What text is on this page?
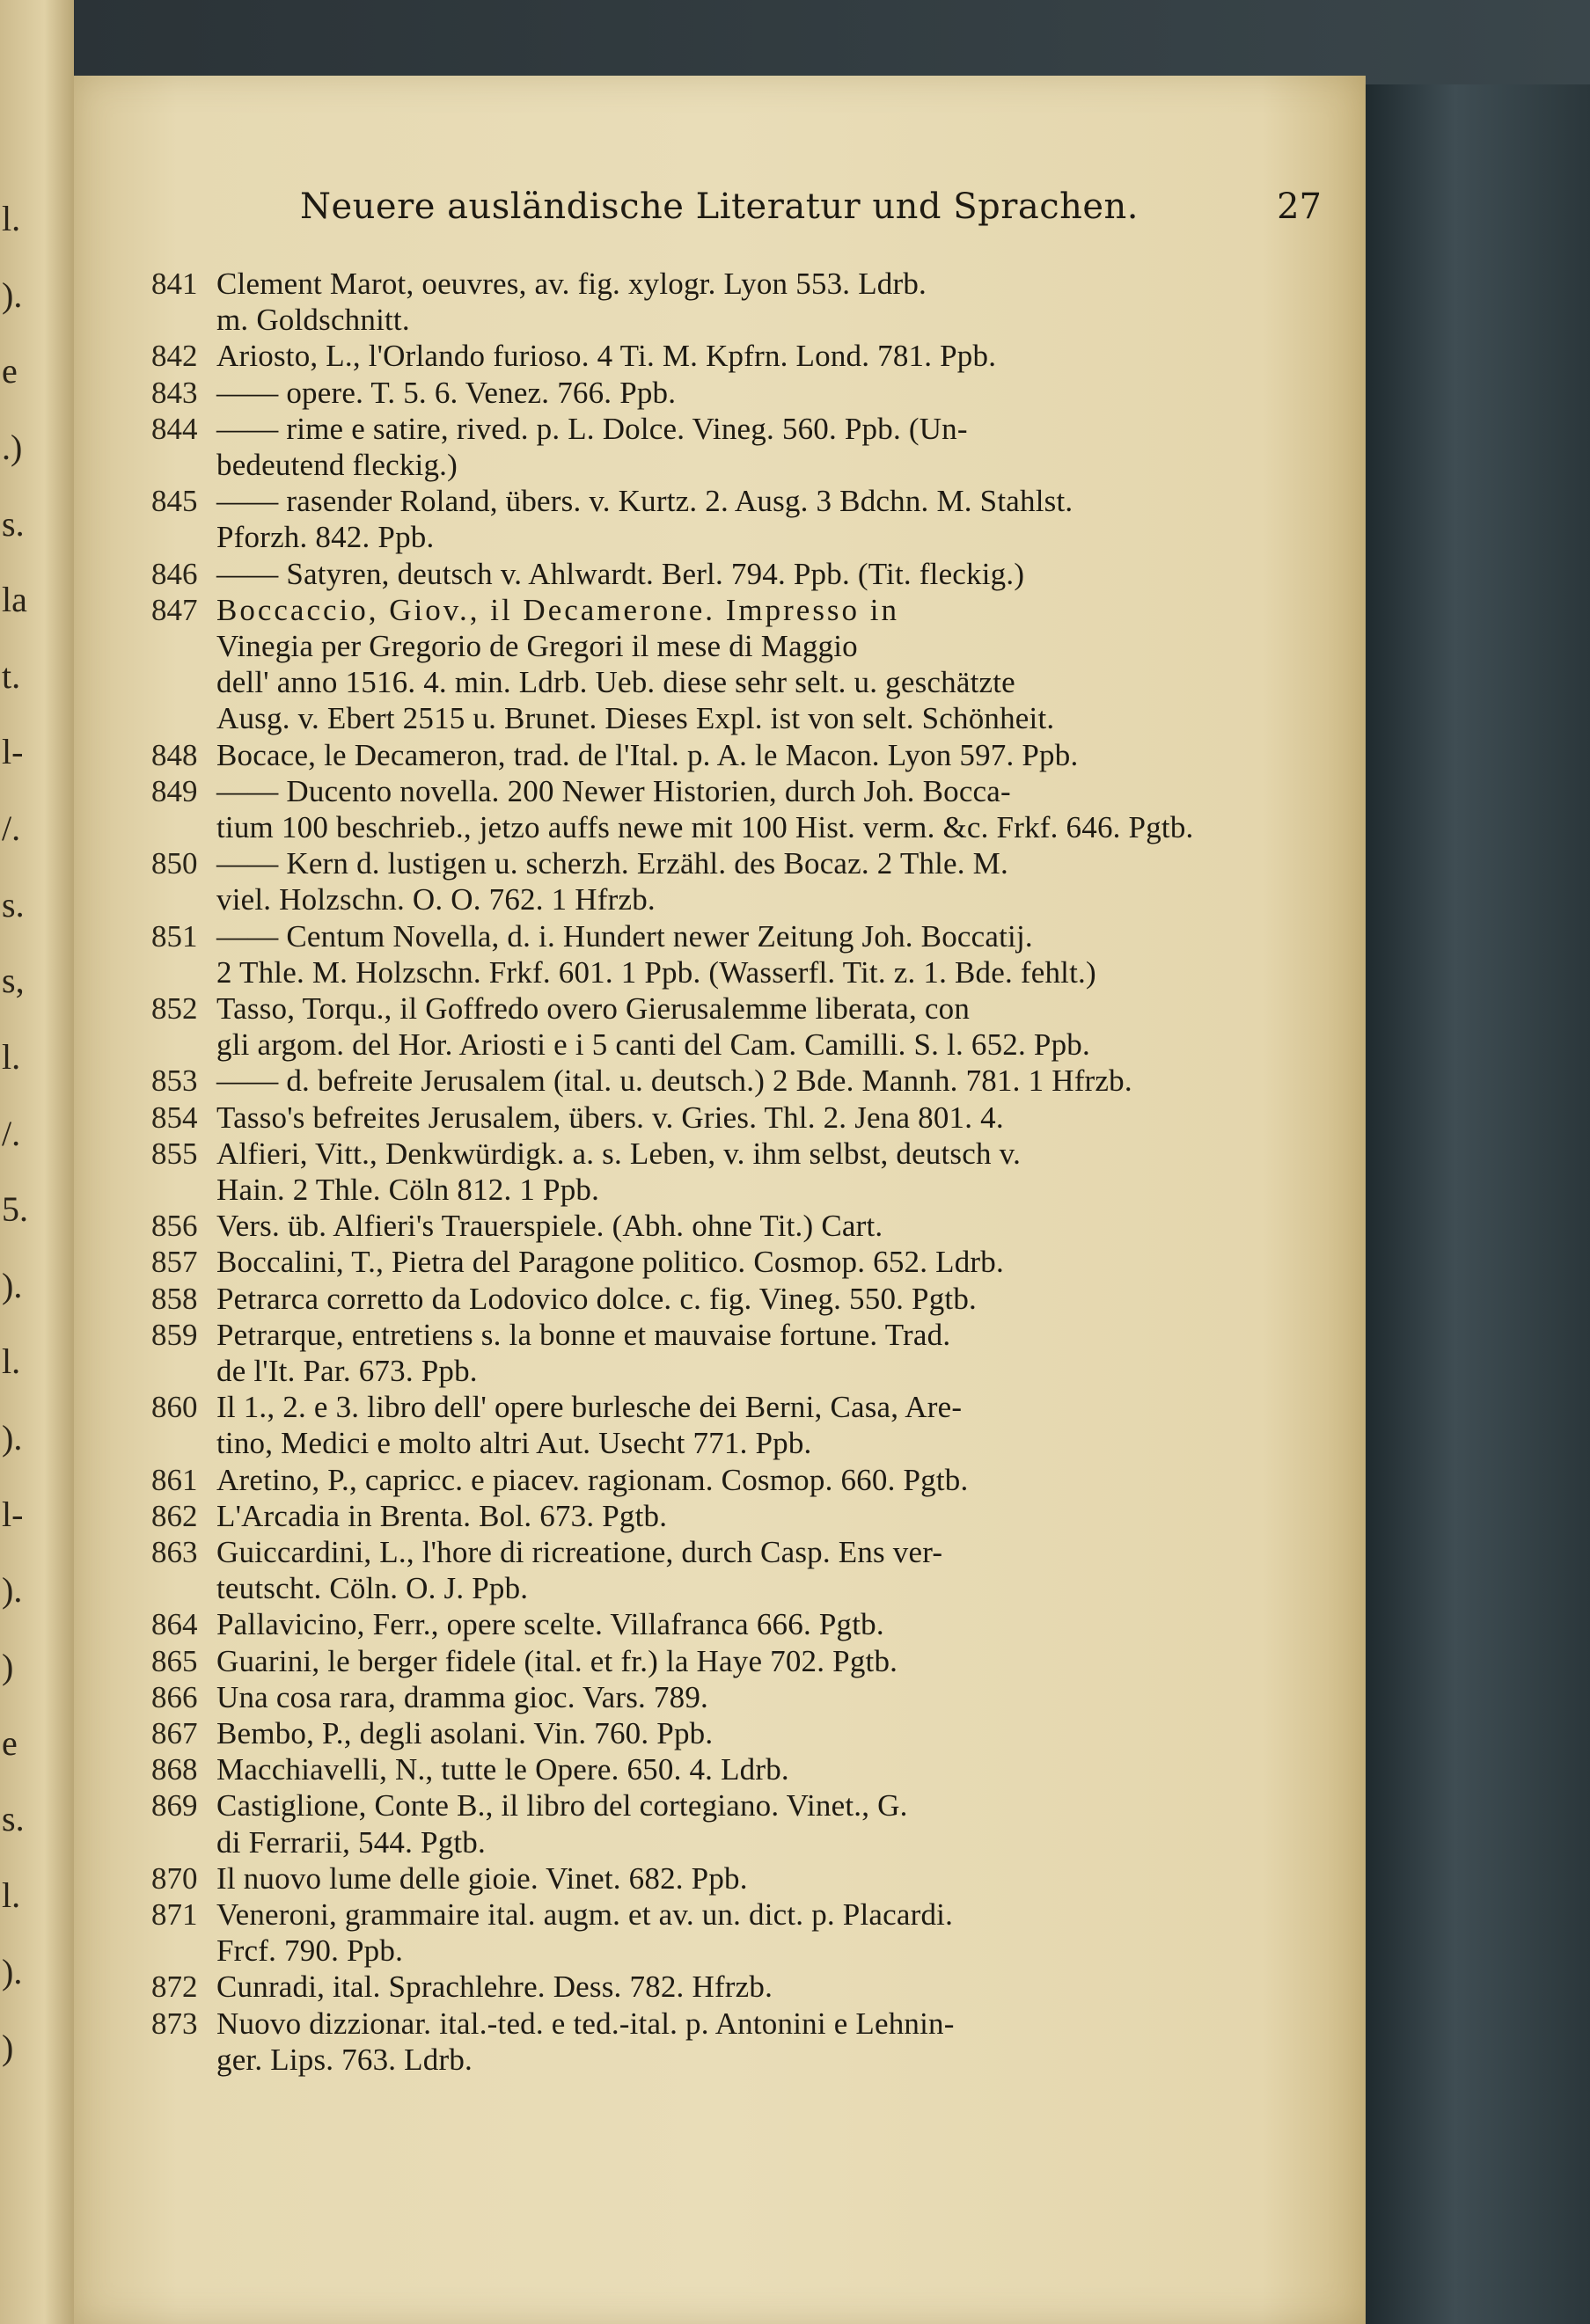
l.
).
e
.)
s.
la
t.
l-
/.
s.
s,
l.
/.
5.
).
l.
).
l-
).
)
e
s.
l.
).
)
Neuere ausländische Literatur und Sprachen.	27
841 Clement Marot, oeuvres, av. fig. xylogr. Lyon 553. Ldrb.
m. Goldschnitt.
842 Ariosto, L., l'Orlando furioso. 4 Ti. M. Kpfrn. Lond. 781. Ppb.
843 —— opere. T. 5. 6. Venez. 766. Ppb.
844 —— rime e satire, rived. p. L. Dolce. Vineg. 560. Ppb. (Un-
bedeutend fleckig.)
845 —— rasender Roland, übers. v. Kurtz. 2. Ausg. 3 Bdchn. M. Stahlst.
Pforzh. 842. Ppb.
846 —— Satyren, deutsch v. Ahlwardt. Berl. 794. Ppb. (Tit. fleckig.)
847 Boccaccio, Giov., il Decamerone. Impresso in
Vinegia per Gregorio de Gregori il mese di Maggio
dell' anno 1516. 4. min. Ldrb. Ueb. diese sehr selt. u. geschätzte
Ausg. v. Ebert 2515 u. Brunet. Dieses Expl. ist von selt. Schönheit.
848 Bocace, le Decameron, trad. de l'Ital. p. A. le Macon. Lyon 597. Ppb.
849 —— Ducento novella. 200 Newer Historien, durch Joh. Bocca-
tium 100 beschrieb., jetzo auffs newe mit 100 Hist. verm. &c. Frkf. 646. Pgtb.
850 —— Kern d. lustigen u. scherzh. Erzähl. des Bocaz. 2 Thle. M.
viel. Holzschn. O. O. 762. 1 Hfrzb.
851 —— Centum Novella, d. i. Hundert newer Zeitung Joh. Boccatij.
2 Thle. M. Holzschn. Frkf. 601. 1 Ppb. (Wasserfl. Tit. z. 1. Bde. fehlt.)
852 Tasso, Torqu., il Goffredo overo Gierusalemme liberata, con
gli argom. del Hor. Ariosti e i 5 canti del Cam. Camilli. S. l. 652. Ppb.
853 —— d. befreite Jerusalem (ital. u. deutsch.) 2 Bde. Mannh. 781. 1 Hfrzb.
854 Tasso's befreites Jerusalem, übers. v. Gries. Thl. 2. Jena 801. 4.
855 Alfieri, Vitt., Denkwürdigk. a. s. Leben, v. ihm selbst, deutsch v.
Hain. 2 Thle. Cöln 812. 1 Ppb.
856 Vers. üb. Alfieri's Trauerspiele. (Abh. ohne Tit.) Cart.
857 Boccalini, T., Pietra del Paragone politico. Cosmop. 652. Ldrb.
858 Petrarca corretto da Lodovico dolce. c. fig. Vineg. 550. Pgtb.
859 Petrarque, entretiens s. la bonne et mauvaise fortune. Trad.
de l'It. Par. 673. Ppb.
860 Il 1., 2. e 3. libro dell' opere burlesche dei Berni, Casa, Are-
tino, Medici e molto altri Aut. Usecht 771. Ppb.
861 Aretino, P., capricc. e piacev. ragionam. Cosmop. 660. Pgtb.
862 L'Arcadia in Brenta. Bol. 673. Pgtb.
863 Guiccardini, L., l'hore di ricreatione, durch Casp. Ens ver-
teutscht. Cöln. O. J. Ppb.
864 Pallavicino, Ferr., opere scelte. Villafranca 666. Pgtb.
865 Guarini, le berger fidele (ital. et fr.) la Haye 702. Pgtb.
866 Una cosa rara, dramma gioc. Vars. 789.
867 Bembo, P., degli asolani. Vin. 760. Ppb.
868 Macchiavelli, N., tutte le Opere. 650. 4. Ldrb.
869 Castiglione, Conte B., il libro del cortegiano. Vinet., G.
di Ferrarii, 544. Pgtb.
870 Il nuovo lume delle gioie. Vinet. 682. Ppb.
871 Veneroni, grammaire ital. augm. et av. un. dict. p. Placardi.
Frcf. 790. Ppb.
872 Cunradi, ital. Sprachlehre. Dess. 782. Hfrzb.
873 Nuovo dizzionar. ital.-ted. e ted.-ital. p. Antonini e Lehnin-
ger. Lips. 763. Ldrb.
